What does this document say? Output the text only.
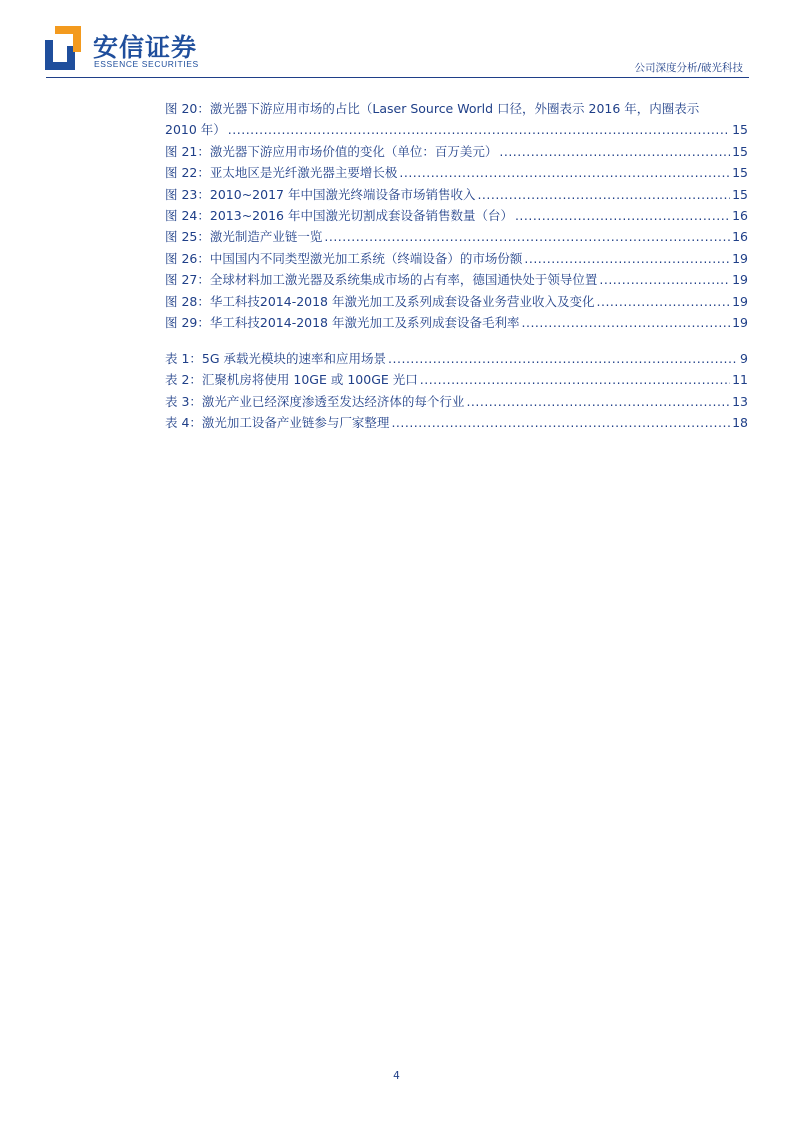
安信证券
ESSENCE SECURITIES	公司深度分析/破光科技
图 20：激光器下游应用市场的占比（Laser Source World 口径，外圈表示 2016 年，内圈表示
2010 年） .....	15
图 21：激光器下游应用市场价值的变化（单位：百万美元） .....	15
图 22：亚太地区是光纤激光器主要增长极 .....	15
图 23：2010~2017 年中国激光终端设备市场销售收入 .....	15
图 24：2013~2016 年中国激光切割成套设备销售数量（台） .....	16
图 25：激光制造产业链一览 .....	16
图 26：中国国内不同类型激光加工系统（终端设备）的市场份额 .....	19
图 27：全球材料加工激光器及系统集成市场的占有率，德国通快处于领导位置 .....	19
图 28：华工科技2014-2018 年激光加工及系列成套设备业务营业收入及变化 .....	19
图 29：华工科技2014-2018 年激光加工及系列成套设备毛利率 .....	19
表 1：5G 承载光模块的速率和应用场景 .....	9
表 2：汇聚机房将使用 10GE 或 100GE 光口 .....	11
表 3：激光产业已经深度渗透至发达经济体的每个行业 .....	13
表 4：激光加工设备产业链参与厂家整理 .....	18
4
